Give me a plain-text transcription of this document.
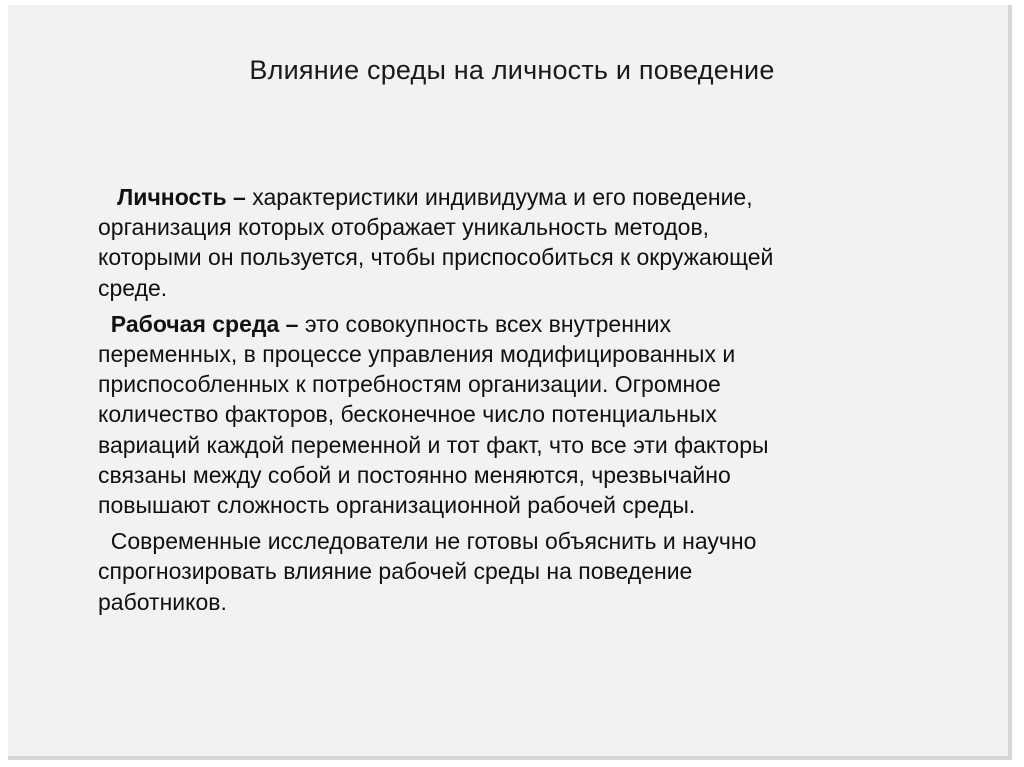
Влияние среды на личность и поведение

Личность – характеристики индивидуума и его поведение,
организация которых отображает уникальность методов,
которыми он пользуется, чтобы приспособиться к окружающей
среде.

Рабочая среда – это совокупность всех внутренних
переменных, в процессе управления модифицированных и
приспособленных к потребностям организации. Огромное
количество факторов, бесконечное число потенциальных
вариаций каждой переменной и тот факт, что все эти факторы
связаны между собой и постоянно меняются, чрезвычайно
повышают сложность организационной рабочей среды.

Современные исследователи не готовы объяснить и научно
спрогнозировать влияние рабочей среды на поведение
работников.
